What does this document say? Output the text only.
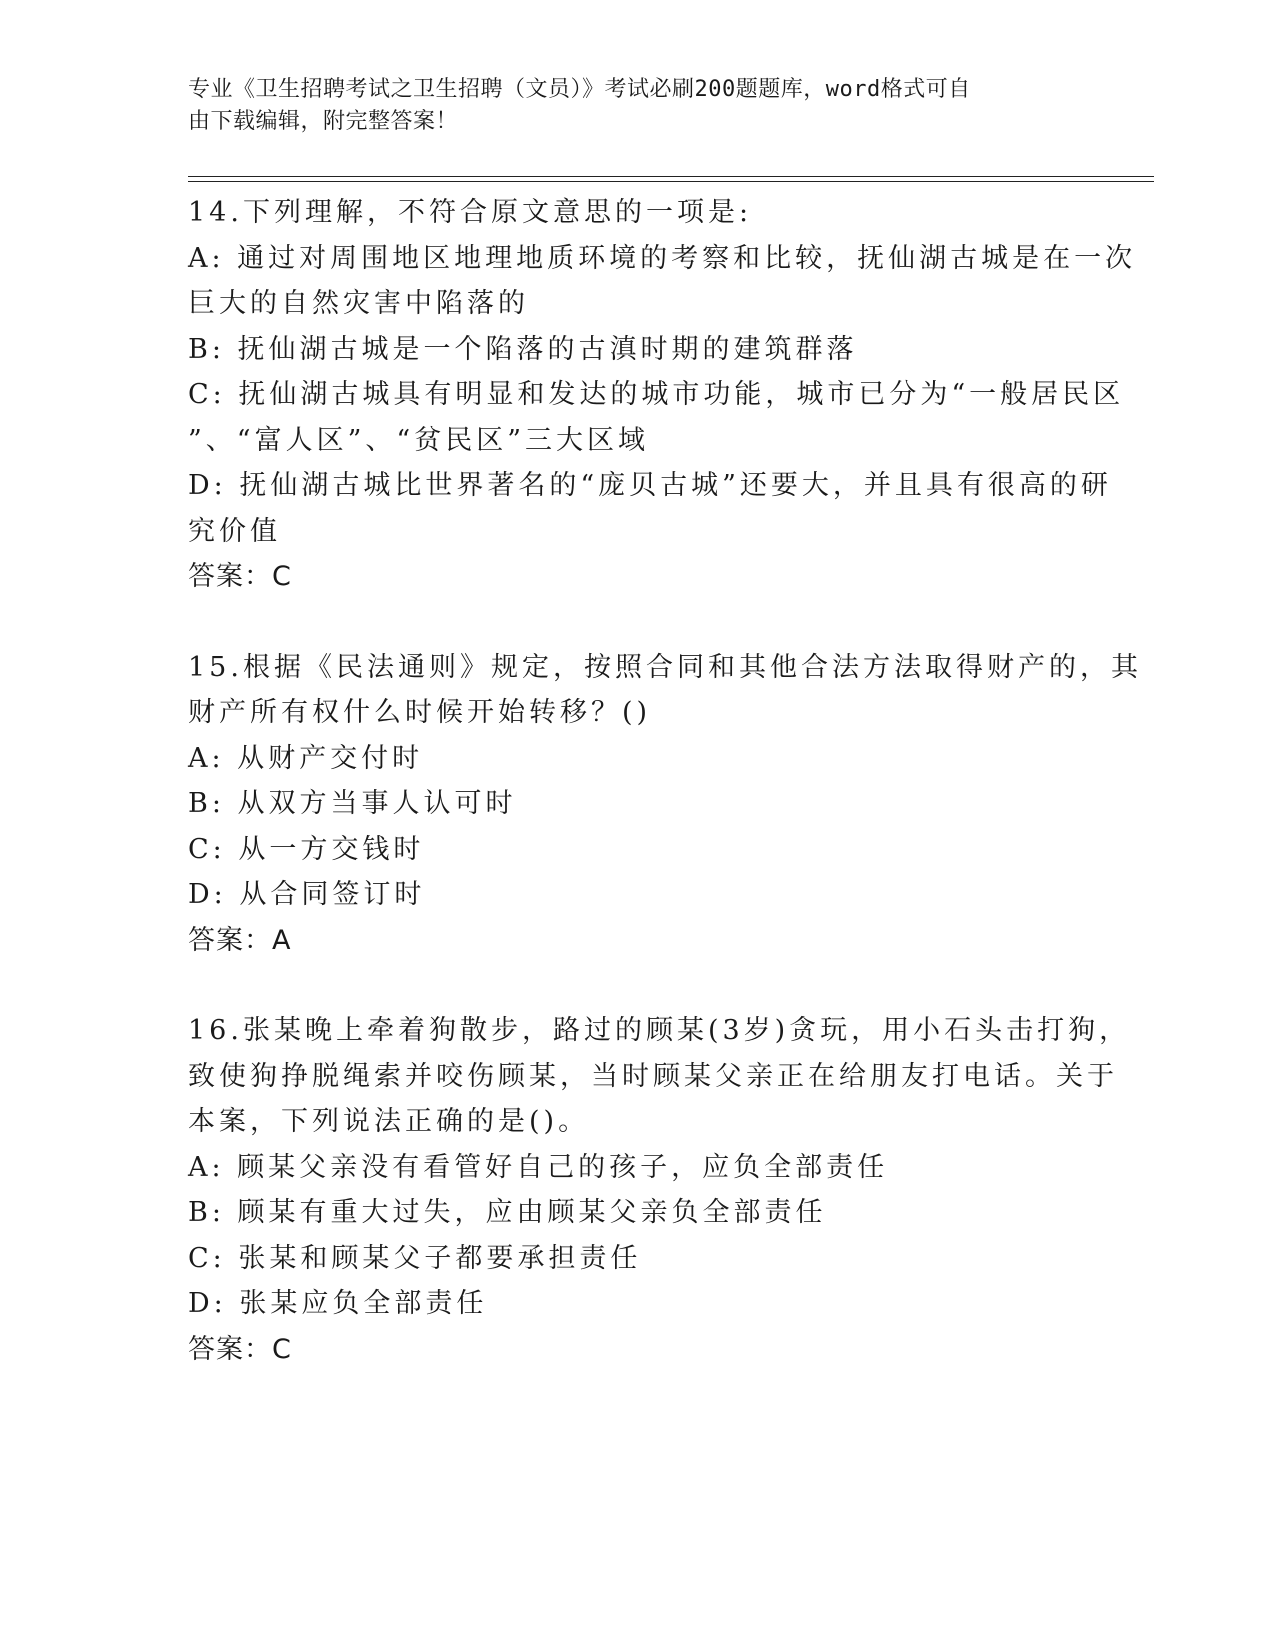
专业《卫生招聘考试之卫生招聘（文员）》考试必刷200题题库，word格式可自
由下载编辑，附完整答案！
14.下列理解，不符合原文意思的一项是:
A: 通过对周围地区地理地质环境的考察和比较，抚仙湖古城是在一次
巨大的自然灾害中陷落的
B: 抚仙湖古城是一个陷落的古滇时期的建筑群落
C: 抚仙湖古城具有明显和发达的城市功能，城市已分为“一般居民区
”、“富人区”、“贫民区”三大区域
D: 抚仙湖古城比世界著名的“庞贝古城”还要大，并且具有很高的研
究价值
答案：C
15.根据《民法通则》规定，按照合同和其他合法方法取得财产的，其
财产所有权什么时候开始转移？()
A: 从财产交付时
B: 从双方当事人认可时
C: 从一方交钱时
D: 从合同签订时
答案：A
16.张某晚上牵着狗散步，路过的顾某(3岁)贪玩，用小石头击打狗，
致使狗挣脱绳索并咬伤顾某，当时顾某父亲正在给朋友打电话。关于
本案，下列说法正确的是()。
A: 顾某父亲没有看管好自己的孩子，应负全部责任
B: 顾某有重大过失，应由顾某父亲负全部责任
C: 张某和顾某父子都要承担责任
D: 张某应负全部责任
答案：C
